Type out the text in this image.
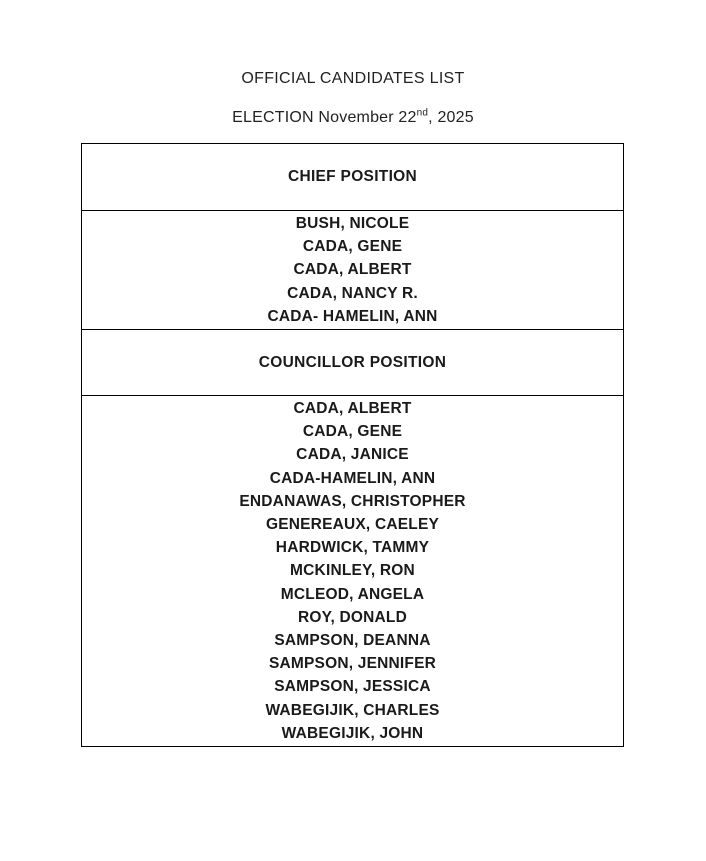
OFFICIAL CANDIDATES LIST
ELECTION November 22nd, 2025
CHIEF POSITION
BUSH, NICOLE
CADA, GENE
CADA, ALBERT
CADA, NANCY R.
CADA- HAMELIN, ANN
COUNCILLOR POSITION
CADA, ALBERT
CADA, GENE
CADA, JANICE
CADA-HAMELIN, ANN
ENDANAWAS, CHRISTOPHER
GENEREAUX, CAELEY
HARDWICK, TAMMY
MCKINLEY, RON
MCLEOD, ANGELA
ROY, DONALD
SAMPSON, DEANNA
SAMPSON, JENNIFER
SAMPSON, JESSICA
WABEGIJIK, CHARLES
WABEGIJIK, JOHN
